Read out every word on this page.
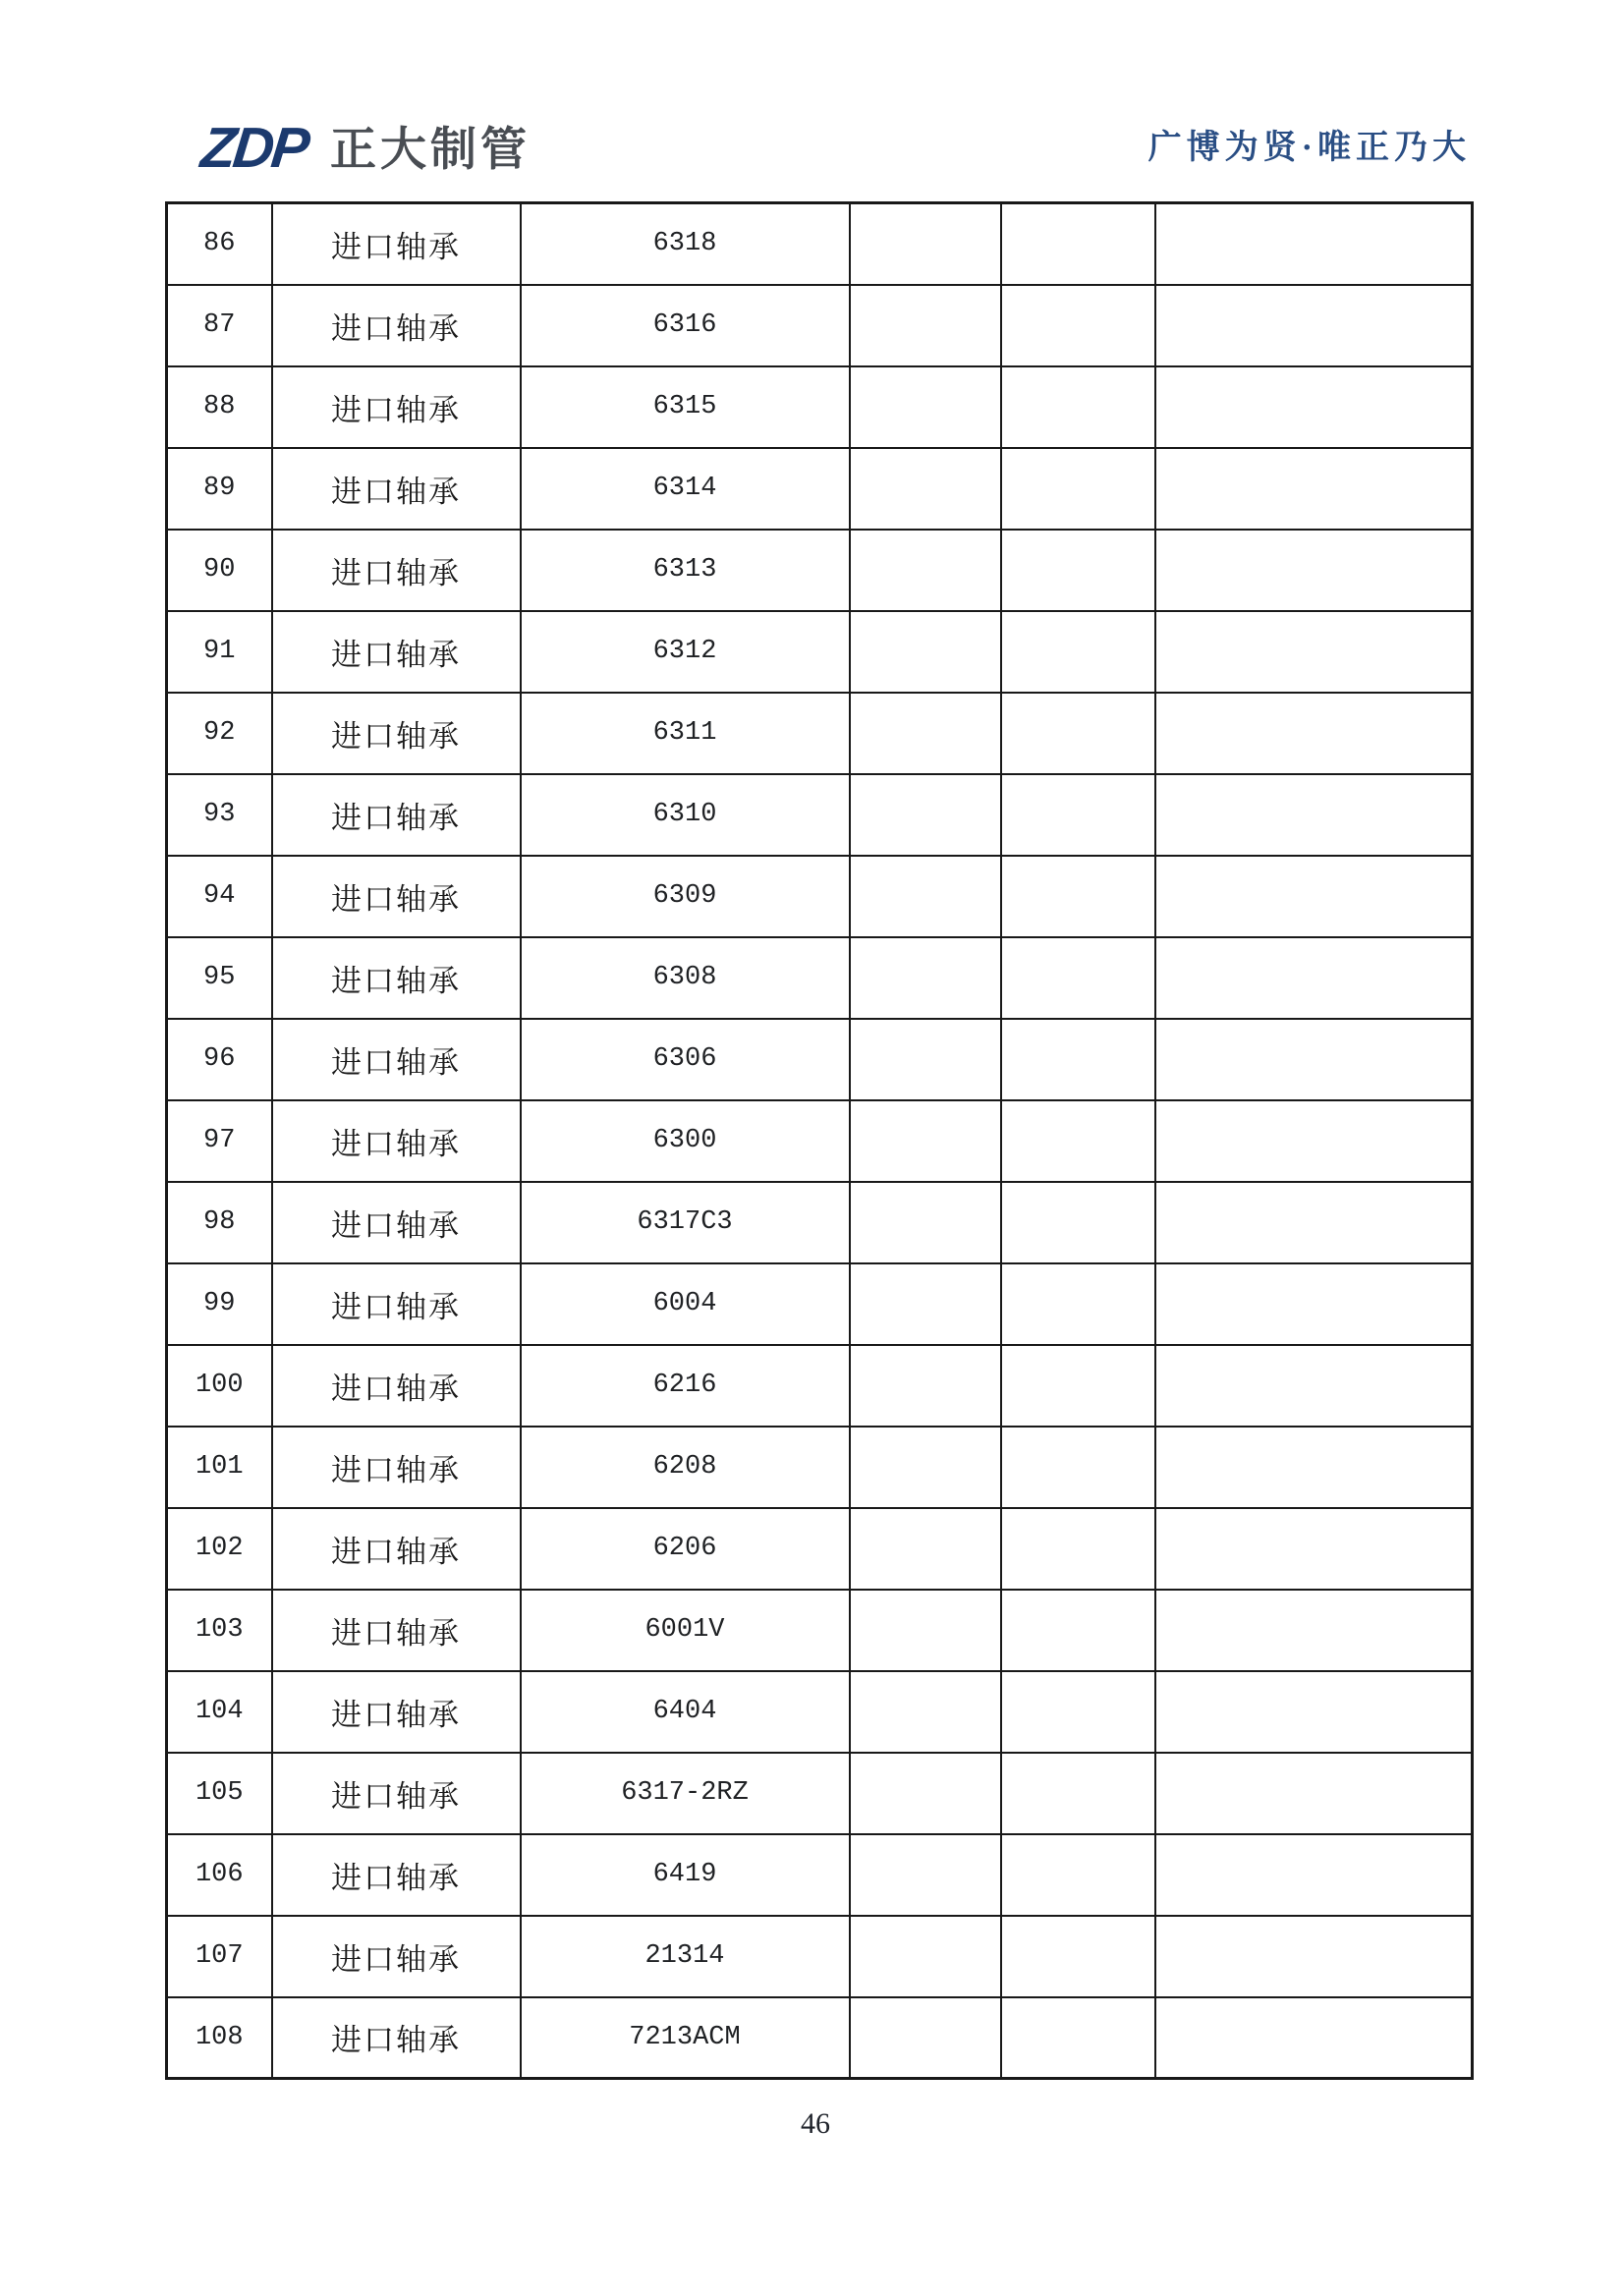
ZDP 正大制管	广博为贤·唯正乃大
86	进口轴承	6318			
87	进口轴承	6316			
88	进口轴承	6315			
89	进口轴承	6314			
90	进口轴承	6313			
91	进口轴承	6312			
92	进口轴承	6311			
93	进口轴承	6310			
94	进口轴承	6309			
95	进口轴承	6308			
96	进口轴承	6306			
97	进口轴承	6300			
98	进口轴承	6317C3			
99	进口轴承	6004			
100	进口轴承	6216			
101	进口轴承	6208			
102	进口轴承	6206			
103	进口轴承	6001V			
104	进口轴承	6404			
105	进口轴承	6317-2RZ			
106	进口轴承	6419			
107	进口轴承	21314			
108	进口轴承	7213ACM			
46
